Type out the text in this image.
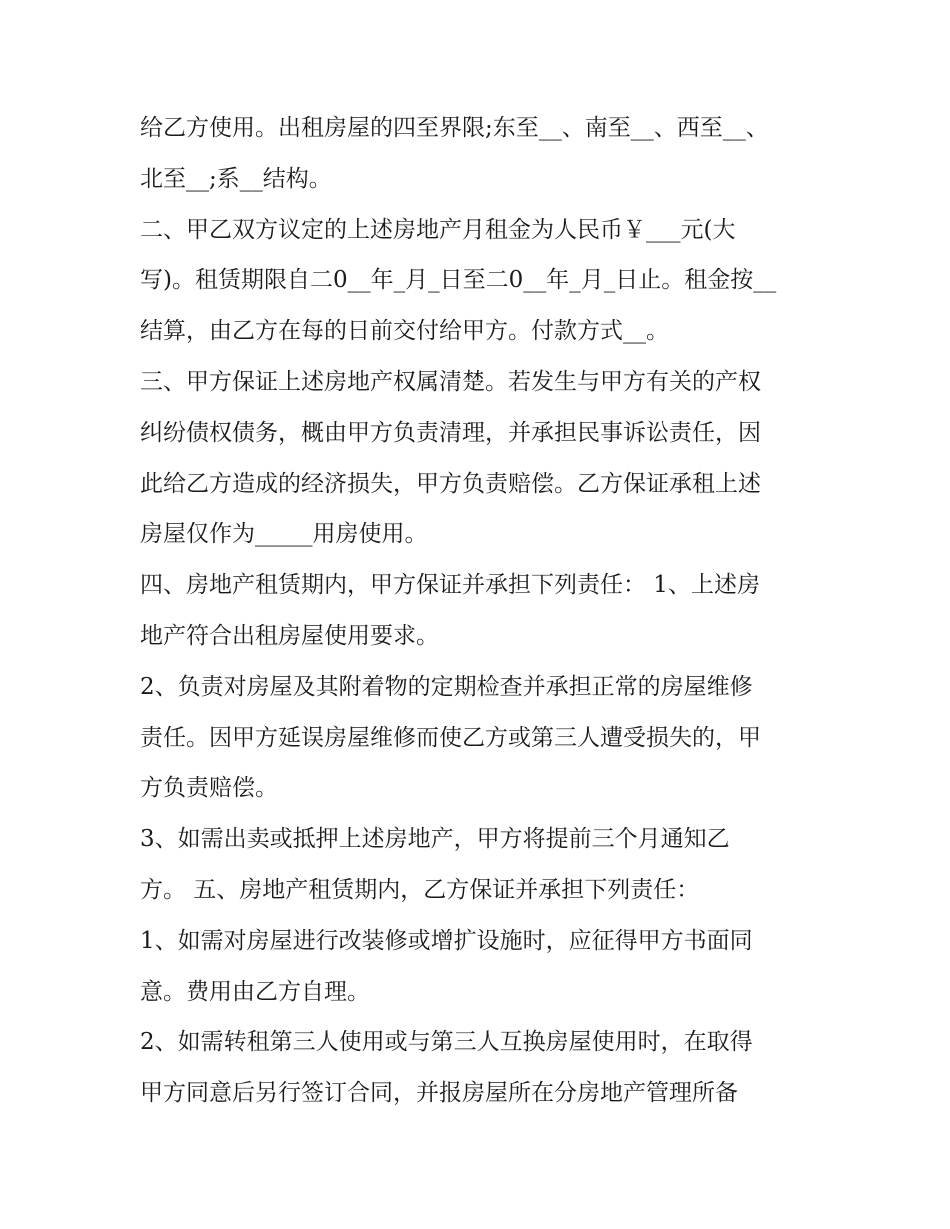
给乙方使用。出租房屋的四至界限;东至__、南至__、西至__、
北至__;系__结构。
二、甲乙双方议定的上述房地产月租金为人民币￥___元(大
写)。租赁期限自二0__年_月_日至二0__年_月_日止。租金按__
结算，由乙方在每的日前交付给甲方。付款方式__。
三、甲方保证上述房地产权属清楚。若发生与甲方有关的产权
纠纷债权债务，概由甲方负责清理，并承担民事诉讼责任，因
此给乙方造成的经济损失，甲方负责赔偿。乙方保证承租上述
房屋仅作为_____用房使用。
四、房地产租赁期内，甲方保证并承担下列责任： 1、上述房
地产符合出租房屋使用要求。
2、负责对房屋及其附着物的定期检查并承担正常的房屋维修
责任。因甲方延误房屋维修而使乙方或第三人遭受损失的，甲
方负责赔偿。
3、如需出卖或抵押上述房地产，甲方将提前三个月通知乙
方。 五、房地产租赁期内，乙方保证并承担下列责任：
1、如需对房屋进行改装修或增扩设施时，应征得甲方书面同
意。费用由乙方自理。
2、如需转租第三人使用或与第三人互换房屋使用时，在取得
甲方同意后另行签订合同，并报房屋所在分房地产管理所备
